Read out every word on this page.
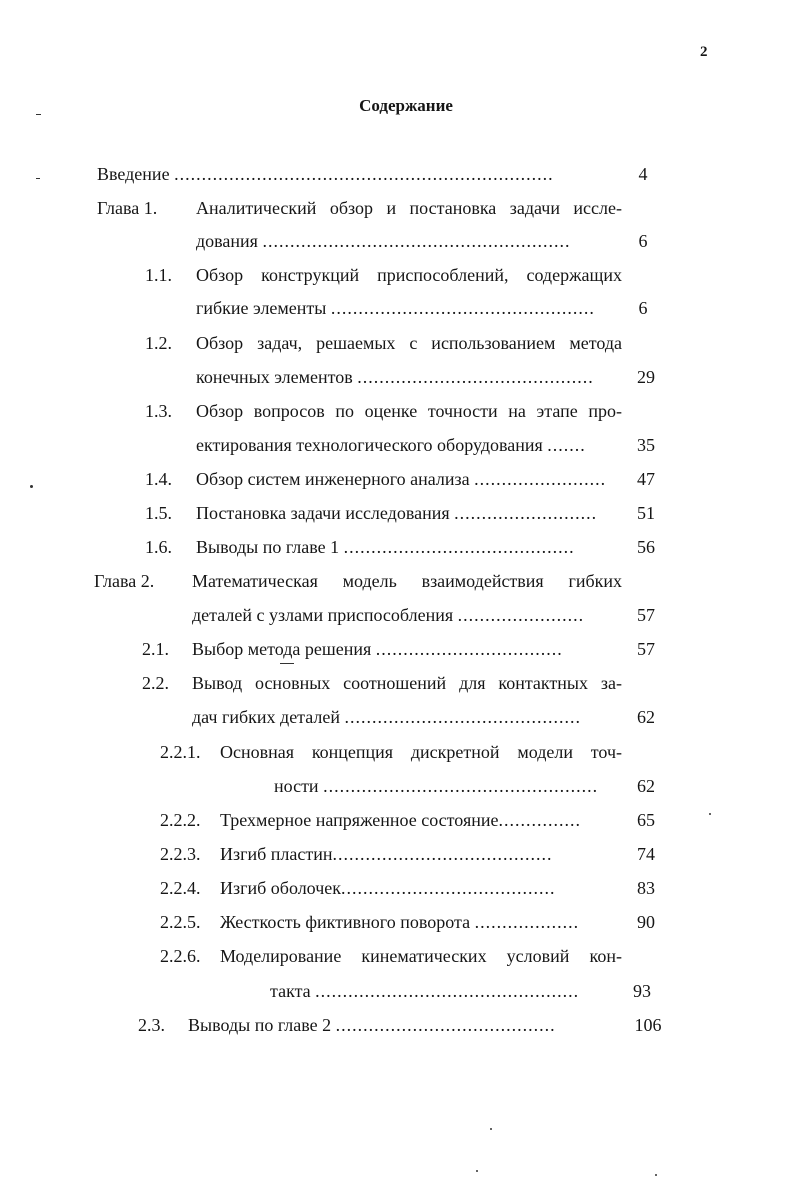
2
Содержание
Введение .....................................................................	4
Глава 1. Аналитический обзор и постановка задачи иссле-
дования ........................................................	6
1.1. Обзор конструкций приспособлений, содержащих
гибкие элементы ................................................	6
1.2. Обзор задач, решаемых с использованием метода
конечных элементов ...........................................	29
1.3. Обзор вопросов по оценке точности на этапе про-
ектирования технологического оборудования .......	35
1.4. Обзор систем инженерного анализа ........................	47
1.5. Постановка задачи исследования ..........................	51
1.6. Выводы по главе 1 ..........................................	56
Глава 2. Математическая модель взаимодействия гибких
деталей с узлами приспособления .......................	57
2.1. Выбор метода решения ..................................	57
2.2. Вывод основных соотношений для контактных за-
дач гибких деталей ...........................................	62
2.2.1. Основная концепция дискретной модели точ-
ности ..................................................	62
2.2.2. Трехмерное напряженное состояние...............	65
2.2.3. Изгиб пластин........................................	74
2.2.4. Изгиб оболочек.......................................	83
2.2.5. Жесткость фиктивного поворота ...................	90
2.2.6. Моделирование кинематических условий кон-
такта ................................................	93
2.3. Выводы по главе 2 ........................................	106
